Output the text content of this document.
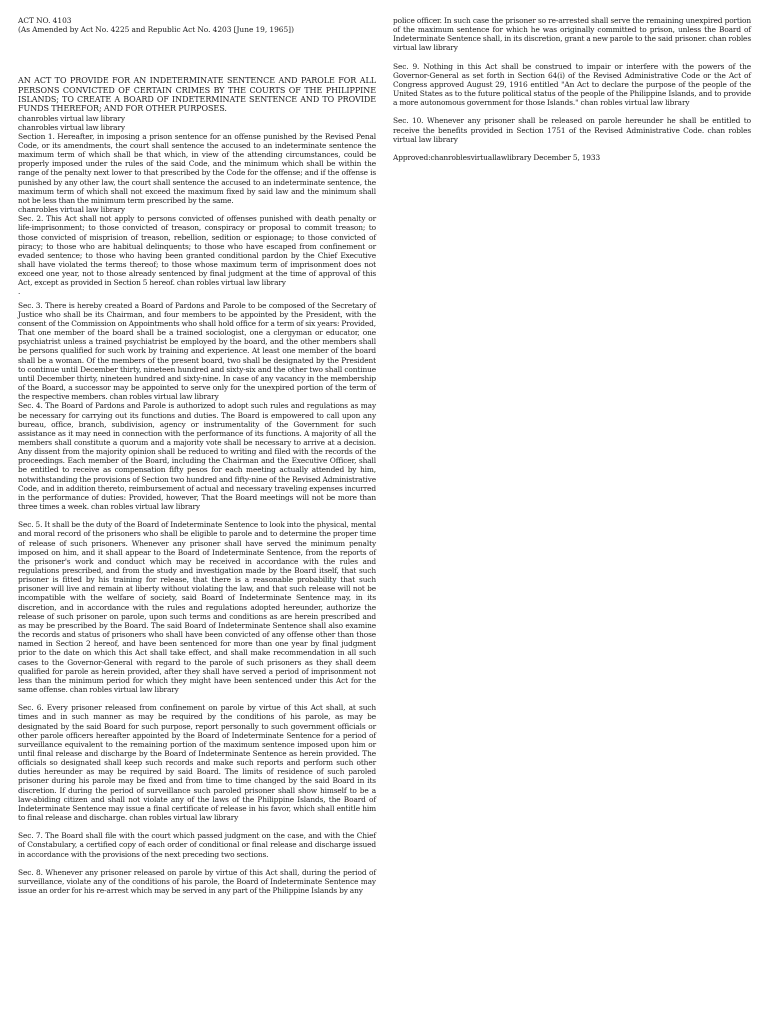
ACT NO. 4103

(As Amended by Act No. 4225 and Republic Act No. 4203 [June 19, 1965])

AN ACT TO PROVIDE FOR AN INDETERMINATE SENTENCE AND PAROLE FOR ALL PERSONS CONVICTED OF CERTAIN CRIMES BY THE COURTS OF THE PHILIPPINE ISLANDS; TO CREATE A BOARD OF INDETERMINATE SENTENCE AND TO PROVIDE FUNDS THEREFOR; AND FOR OTHER PURPOSES.

chanrobles virtual law library

chanrobles virtual law library

Section 1. Hereafter, in imposing a prison sentence for an offense punished by the Revised Penal Code, or its amendments, the court shall sentence the accused to an indeterminate sentence the maximum term of which shall be that which, in view of the attending circumstances, could be properly imposed under the rules of the said Code, and the minimum which shall be within the range of the penalty next lower to that prescribed by the Code for the offense; and if the offense is punished by any other law, the court shall sentence the accused to an indeterminate sentence, the maximum term of which shall not exceed the maximum fixed by said law and the minimum shall not be less than the minimum term prescribed by the same.

chanrobles virtual law library

Sec. 2. This Act shall not apply to persons convicted of offenses punished with death penalty or life-imprisonment; to those convicted of treason, conspiracy or proposal to commit treason; to those convicted of misprision of treason, rebellion, sedition or espionage; to those convicted of piracy; to those who are habitual delinquents; to those who have escaped from confinement or evaded sentence; to those who having been granted conditional pardon by the Chief Executive shall have violated the terms thereof; to those whose maximum term of imprisonment does not exceed one year, not to those already sentenced by final judgment at the time of approval of this Act, except as provided in Section 5 hereof. chan robles virtual law library

.

Sec. 3. There is hereby created a Board of Pardons and Parole to be composed of the Secretary of Justice who shall be its Chairman, and four members to be appointed by the President, with the consent of the Commission on Appointments who shall hold office for a term of six years: Provided, That one member of the board shall be a trained sociologist, one a clergyman or educator, one psychiatrist unless a trained psychiatrist be employed by the board, and the other members shall be persons qualified for such work by training and experience. At least one member of the board shall be a woman. Of the members of the present board, two shall be designated by the President to continue until December thirty, nineteen hundred and sixty-six and the other two shall continue until December thirty, nineteen hundred and sixty-nine. In case of any vacancy in the membership of the Board, a successor may be appointed to serve only for the unexpired portion of the term of the respective members. chan robles virtual law library

Sec. 4. The Board of Pardons and Parole is authorized to adopt such rules and regulations as may be necessary for carrying out its functions and duties. The Board is empowered to call upon any bureau, office, branch, subdivision, agency or instrumentality of the Government for such assistance as it may need in connection with the performance of its functions. A majority of all the members shall constitute a quorum and a majority vote shall be necessary to arrive at a decision. Any dissent from the majority opinion shall be reduced to writing and filed with the records of the proceedings. Each member of the Board, including the Chairman and the Executive Officer, shall be entitled to receive as compensation fifty pesos for each meeting actually attended by him, notwithstanding the provisions of Section two hundred and fifty-nine of the Revised Administrative Code, and in addition thereto, reimbursement of actual and necessary traveling expenses incurred in the performance of duties: Provided, however, That the Board meetings will not be more than three times a week. chan robles virtual law library

Sec. 5. It shall be the duty of the Board of Indeterminate Sentence to look into the physical, mental and moral record of the prisoners who shall be eligible to parole and to determine the proper time of release of such prisoners. Whenever any prisoner shall have served the minimum penalty imposed on him, and it shall appear to the Board of Indeterminate Sentence, from the reports of the prisoner's work and conduct which may be received in accordance with the rules and regulations prescribed, and from the study and investigation made by the Board itself, that such prisoner is fitted by his training for release, that there is a reasonable probability that such prisoner will live and remain at liberty without violating the law, and that such release will not be incompatible with the welfare of society, said Board of Indeterminate Sentence may, in its discretion, and in accordance with the rules and regulations adopted hereunder, authorize the release of such prisoner on parole, upon such terms and conditions as are herein prescribed and as may be prescribed by the Board. The said Board of Indeterminate Sentence shall also examine the records and status of prisoners who shall have been convicted of any offense other than those named in Section 2 hereof, and have been sentenced for more than one year by final judgment prior to the date on which this Act shall take effect, and shall make recommendation in all such cases to the Governor-General with regard to the parole of such prisoners as they shall deem qualified for parole as herein provided, after they shall have served a period of imprisonment not less than the minimum period for which they might have been sentenced under this Act for the same offense. chan robles virtual law library

Sec. 6. Every prisoner released from confinement on parole by virtue of this Act shall, at such times and in such manner as may be required by the conditions of his parole, as may be designated by the said Board for such purpose, report personally to such government officials or other parole officers hereafter appointed by the Board of Indeterminate Sentence for a period of surveillance equivalent to the remaining portion of the maximum sentence imposed upon him or until final release and discharge by the Board of Indeterminate Sentence as herein provided. The officials so designated shall keep such records and make such reports and perform such other duties hereunder as may be required by said Board. The limits of residence of such paroled prisoner during his parole may be fixed and from time to time changed by the said Board in its discretion. If during the period of surveillance such paroled prisoner shall show himself to be a law-abiding citizen and shall not violate any of the laws of the Philippine Islands, the Board of Indeterminate Sentence may issue a final certificate of release in his favor, which shall entitle him to final release and discharge. chan robles virtual law library

Sec. 7. The Board shall file with the court which passed judgment on the case, and with the Chief of Constabulary, a certified copy of each order of conditional or final release and discharge issued in accordance with the provisions of the next preceding two sections.

Sec. 8. Whenever any prisoner released on parole by virtue of this Act shall, during the period of surveillance, violate any of the conditions of his parole, the Board of Indeterminate Sentence may issue an order for his re-arrest which may be served in any part of the Philippine Islands by any

police officer. In such case the prisoner so re-arrested shall serve the remaining unexpired portion of the maximum sentence for which he was originally committed to prison, unless the Board of Indeterminate Sentence shall, in its discretion, grant a new parole to the said prisoner. chan robles virtual law library

Sec. 9. Nothing in this Act shall be construed to impair or interfere with the powers of the Governor-General as set forth in Section 64(i) of the Revised Administrative Code or the Act of Congress approved August 29, 1916 entitled "An Act to declare the purpose of the people of the United States as to the future political status of the people of the Philippine Islands, and to provide a more autonomous government for those Islands." chan robles virtual law library

Sec. 10. Whenever any prisoner shall be released on parole hereunder he shall be entitled to receive the benefits provided in Section 1751 of the Revised Administrative Code. chan robles virtual law library

Approved:chanroblesvirtuallawlibrary December 5, 1933
